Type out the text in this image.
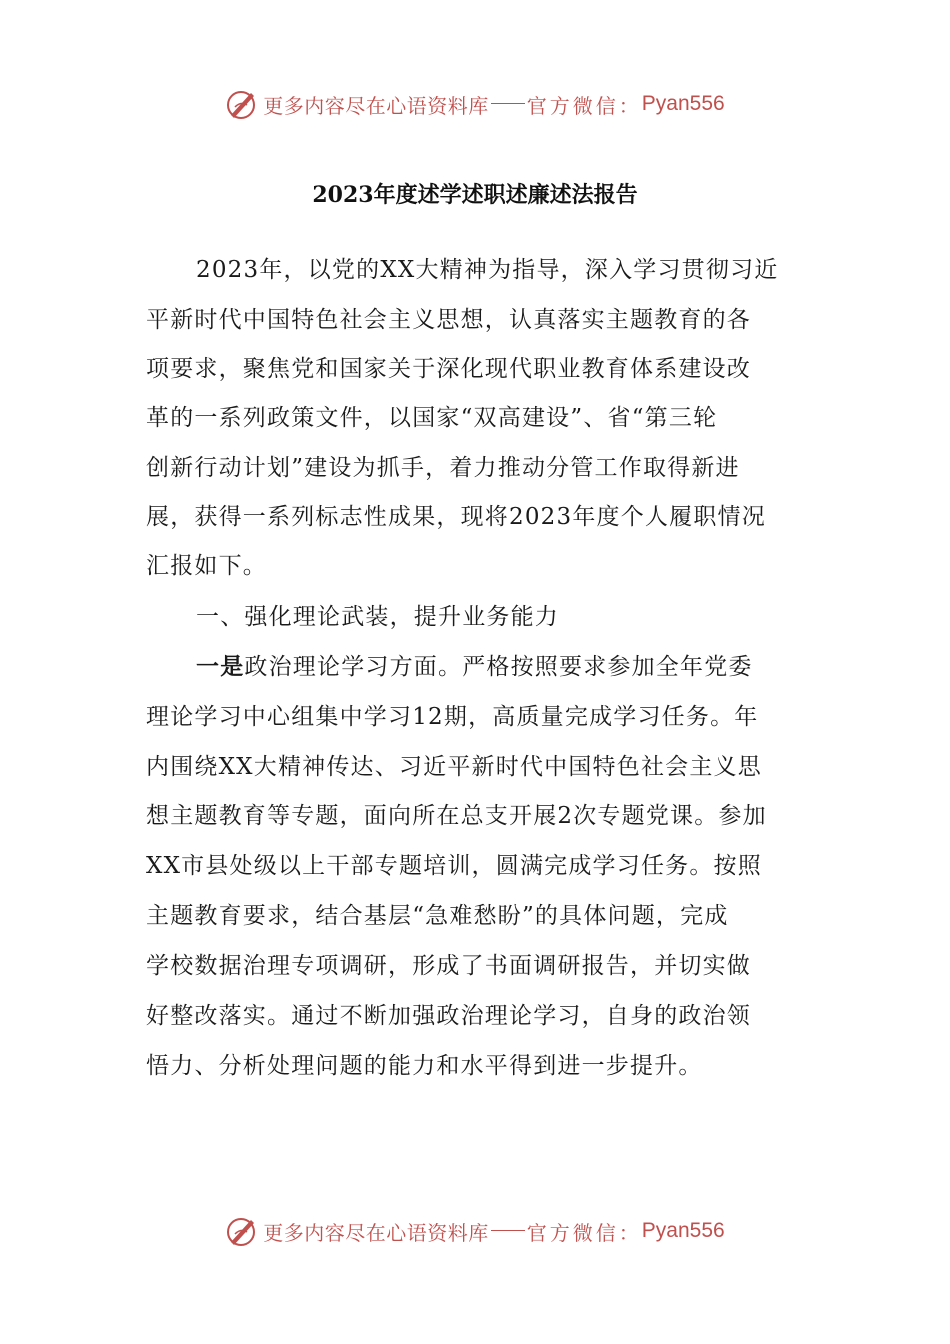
更多内容尽在心语资料库 官方微信： Pyan556
2023年度述学述职述廉述法报告
2023年，以党的XX大精神为指导，深入学习贯彻习近
平新时代中国特色社会主义思想，认真落实主题教育的各
项要求，聚焦党和国家关于深化现代职业教育体系建设改
革的一系列政策文件，以国家“双高建设”、省“第三轮
创新行动计划”建设为抓手，着力推动分管工作取得新进
展，获得一系列标志性成果，现将2023年度个人履职情况
汇报如下。
一、强化理论武装，提升业务能力
一是政治理论学习方面。严格按照要求参加全年党委
理论学习中心组集中学习12期，高质量完成学习任务。年
内围绕XX大精神传达、习近平新时代中国特色社会主义思
想主题教育等专题，面向所在总支开展2次专题党课。参加
XX市县处级以上干部专题培训，圆满完成学习任务。按照
主题教育要求，结合基层“急难愁盼”的具体问题，完成
学校数据治理专项调研，形成了书面调研报告，并切实做
好整改落实。通过不断加强政治理论学习，自身的政治领
悟力、分析处理问题的能力和水平得到进一步提升。
更多内容尽在心语资料库 官方微信： Pyan556
